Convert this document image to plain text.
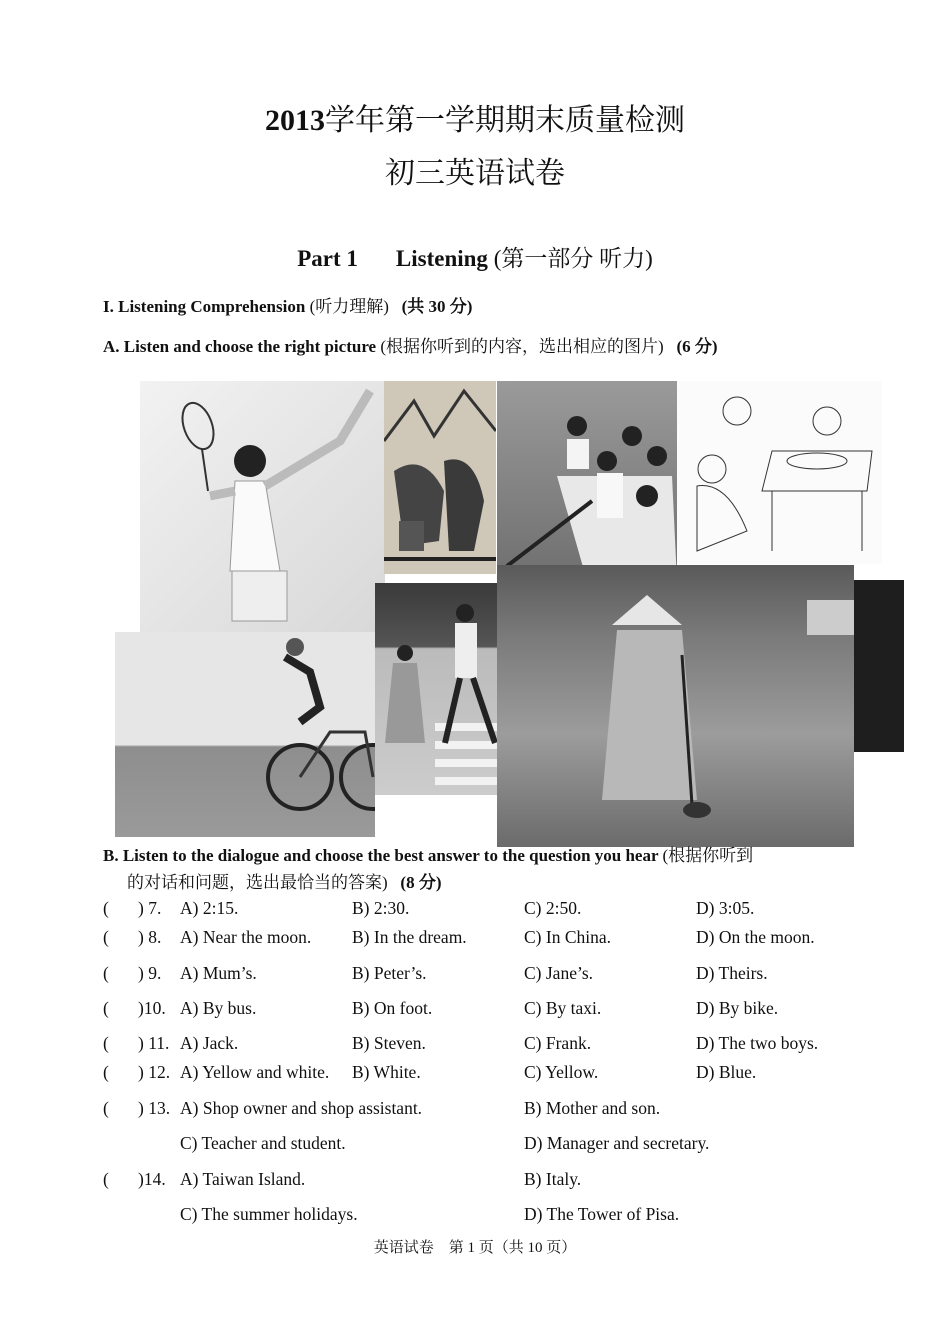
2013学年第一学期期末质量检测
初三英语试卷
Part 1 Listening (第一部分 听力)
I. Listening Comprehension (听力理解) (共 30 分)
A. Listen and choose the right picture (根据你听到的内容，选出相应的图片) (6 分)
B. Listen to the dialogue and choose the best answer to the question you hear (根据你听到
的对话和问题，选出最恰当的答案) (8 分)
( ) 7. A) 2:15.	B) 2:30.	C) 2:50.	D) 3:05.
( ) 8. A) Near the moon. B) In the dream.	C) In China.	D) On the moon.
( ) 9. A) Mum’s.	B) Peter’s.	C) Jane’s.	D) Theirs.
( )10. A) By bus.	B) On foot.	C) By taxi.	D) By bike.
( ) 11. A) Jack.	B) Steven.	C) Frank.	D) The two boys.
( ) 12. A) Yellow and white. B) White.	C) Yellow.	D) Blue.
( ) 13. A) Shop owner and shop assistant.	B) Mother and son.
C) Teacher and student.	D) Manager and secretary.
( )14. A) Taiwan Island.	B) Italy.
C) The summer holidays.	D) The Tower of Pisa.
英语试卷　第 1 页（共 10 页）
